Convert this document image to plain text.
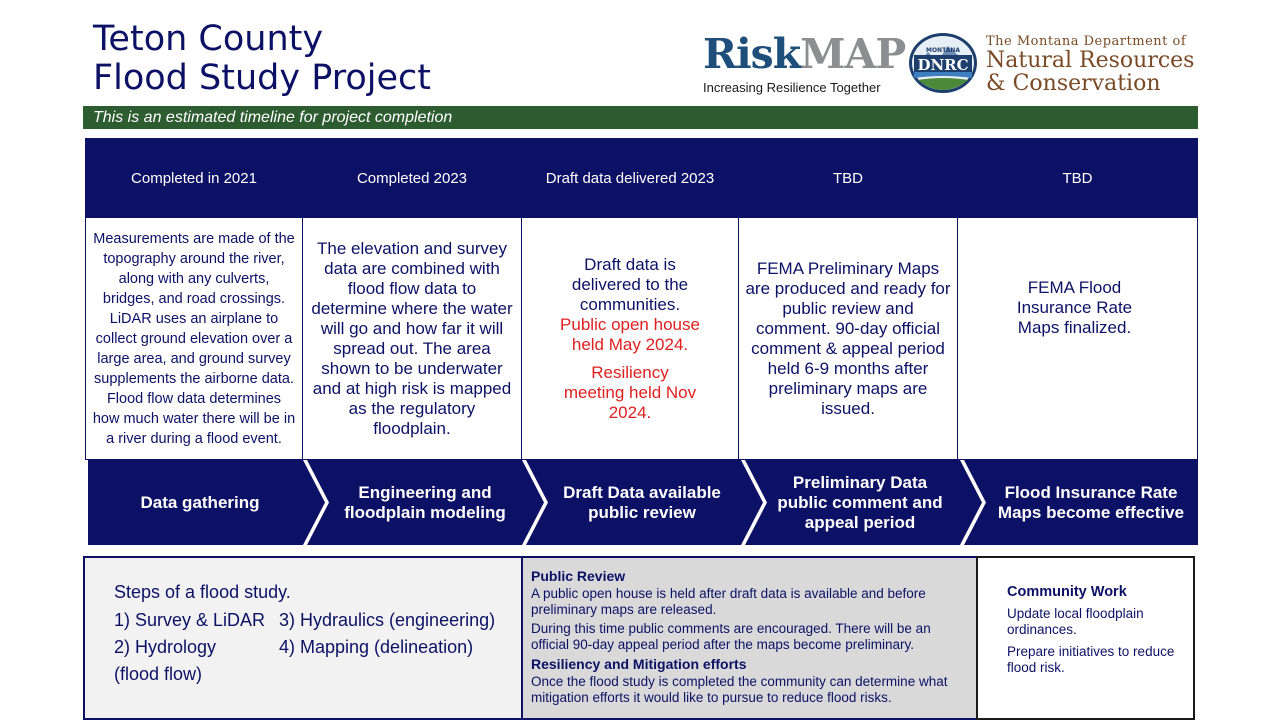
Teton County
Flood Study Project	RiskMAP
Increasing Resilience Together
MONTANA
DNRC
The Montana Department of
Natural Resources
& Conservation
This is an estimated timeline for project completion
Completed in 2021

Measurements are made of the topography around the river, along with any culverts, bridges, and road crossings. LiDAR uses an airplane to collect ground elevation over a large area, and ground survey supplements the airborne data. Flood flow data determines how much water there will be in a river during a flood event.

Completed 2023

The elevation and survey data are combined with flood flow data to determine where the water will go and how far it will spread out. The area shown to be underwater and at high risk is mapped as the regulatory floodplain.

Draft data delivered 2023

Draft data is delivered to the communities.

Public open house held May 2024.

Resiliency meeting held Nov 2024.

TBD

FEMA Preliminary Maps are produced and ready for public review and comment. 90-day official comment & appeal period held 6-9 months after preliminary maps are issued.

TBD

FEMA Flood Insurance Rate Maps finalized.

Data gathering
Engineering and floodplain modeling
Draft Data available public review
Preliminary Data public comment and appeal period
Flood Insurance Rate Maps become effective
Steps of a flood study.
1) Survey & LiDAR
2) Hydrology
(flood flow)
3) Hydraulics (engineering)
4) Mapping (delineation)
Public Review

A public open house is held after draft data is available and before preliminary maps are released.

During this time public comments are encouraged. There will be an official 90-day appeal period after the maps become preliminary.

Resiliency and Mitigation efforts

Once the flood study is completed the community can determine what mitigation efforts it would like to pursue to reduce flood risks.

Community Work

Update local floodplain ordinances.

Prepare initiatives to reduce flood risk.
